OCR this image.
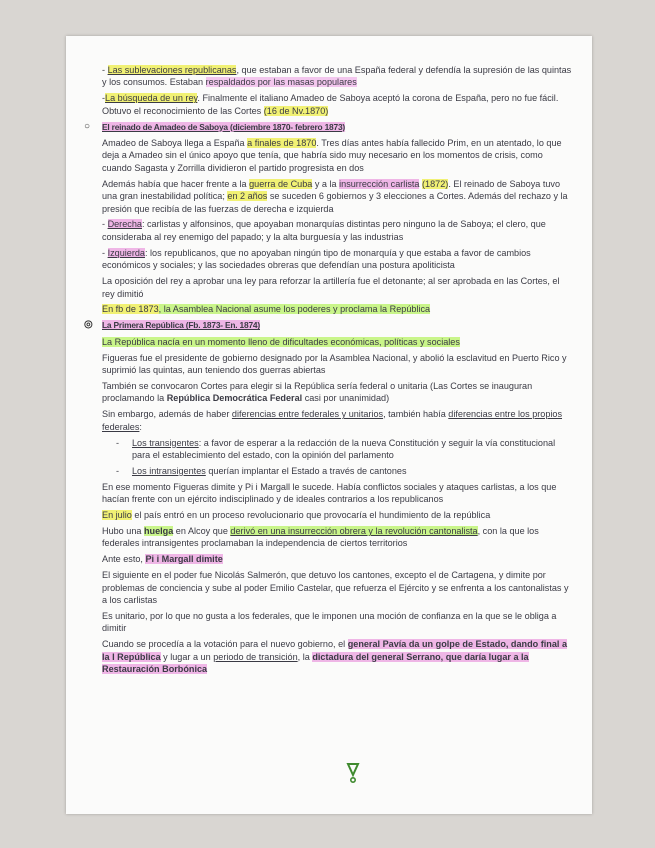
- Las sublevaciones republicanas, que estaban a favor de una España federal y defendía la supresión de las quintas y los consumos. Estaban respaldados por las masas populares

-La búsqueda de un rey. Finalmente el italiano Amadeo de Saboya aceptó la corona de España, pero no fue fácil. Obtuvo el reconocimiento de las Cortes (16 de Nv.1870)

○ El reinado de Amadeo de Saboya (diciembre 1870- febrero 1873)

Amadeo de Saboya llega a España a finales de 1870. Tres días antes había fallecido Prim, en un atentado, lo que deja a Amadeo sin el único apoyo que tenía, que habría sido muy necesario en los momentos de crisis, como cuando Sagasta y Zorrilla dividieron el partido progresista en dos

Además había que hacer frente a la guerra de Cuba y a la insurrección carlista (1872). El reinado de Saboya tuvo una gran inestabilidad política; en 2 años se suceden 6 gobiernos y 3 elecciones a Cortes. Además del rechazo y la presión que recibía de las fuerzas de derecha e izquierda

- Derecha: carlistas y alfonsinos, que apoyaban monarquías distintas pero ninguno la de Saboya; el clero, que consideraba al rey enemigo del papado; y la alta burguesía y las industrias

- Izquierda: los republicanos, que no apoyaban ningún tipo de monarquía y que estaba a favor de cambios económicos y sociales; y las sociedades obreras que defendían una postura apoliticista

La oposición del rey a aprobar una ley para reforzar la artillería fue el detonante; al ser aprobada en las Cortes, el rey dimitió

En fb de 1873, la Asamblea Nacional asume los poderes y proclama la República

◎ La Primera República (Fb. 1873- En. 1874)

La República nacía en un momento lleno de dificultades económicas, políticas y sociales

Figueras fue el presidente de gobierno designado por la Asamblea Nacional, y abolió la esclavitud en Puerto Rico y suprimió las quintas, aun teniendo dos guerras abiertas

También se convocaron Cortes para elegir si la República sería federal o unitaria (Las Cortes se inauguran proclamando la República Democrática Federal casi por unanimidad)

Sin embargo, además de haber diferencias entre federales y unitarios, también había diferencias entre los propios federales:

- Los transigentes: a favor de esperar a la redacción de la nueva Constitución y seguir la vía constitucional para el establecimiento del estado, con la opinión del parlamento

- Los intransigentes querían implantar el Estado a través de cantones

En ese momento Figueras dimite y Pi i Margall le sucede. Había conflictos sociales y ataques carlistas, a los que hacían frente con un ejército indisciplinado y de ideales contrarios a los republicanos

En julio el país entró en un proceso revolucionario que provocaría el hundimiento de la república

Hubo una huelga en Alcoy que derivó en una insurrección obrera y la revolución cantonalista, con la que los federales intransigentes proclamaban la independencia de ciertos territorios

Ante esto, Pi i Margall dimite

El siguiente en el poder fue Nicolás Salmerón, que detuvo los cantones, excepto el de Cartagena, y dimite por problemas de conciencia y sube al poder Emilio Castelar, que refuerza el Ejército y se enfrenta a los cantonalistas y a los carlistas

Es unitario, por lo que no gusta a los federales, que le imponen una moción de confianza en la que se le obliga a dimitir

Cuando se procedía a la votación para el nuevo gobierno, el general Pavía da un golpe de Estado, dando final a la I República y lugar a un periodo de transición, la dictadura del general Serrano, que daría lugar a la Restauración Borbónica
